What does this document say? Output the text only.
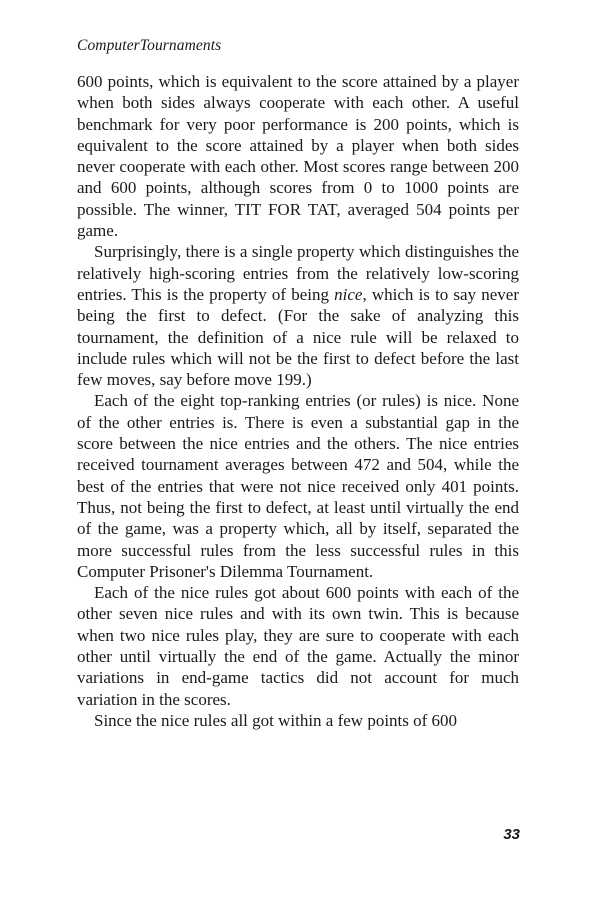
ComputerTournaments

600 points, which is equivalent to the score attained by a player when both sides always cooperate with each other. A useful benchmark for very poor performance is 200 points, which is equivalent to the score attained by a player when both sides never cooperate with each other. Most scores range between 200 and 600 points, although scores from 0 to 1000 points are possible. The winner, TIT FOR TAT, averaged 504 points per game.

Surprisingly, there is a single property which distinguishes the relatively high-scoring entries from the relatively low-scoring entries. This is the property of being nice, which is to say never being the first to defect. (For the sake of analyzing this tournament, the definition of a nice rule will be relaxed to include rules which will not be the first to defect before the last few moves, say before move 199.)

Each of the eight top-ranking entries (or rules) is nice. None of the other entries is. There is even a substantial gap in the score between the nice entries and the others. The nice entries received tournament averages between 472 and 504, while the best of the entries that were not nice received only 401 points. Thus, not being the first to defect, at least until virtually the end of the game, was a property which, all by itself, separated the more successful rules from the less successful rules in this Computer Prisoner's Dilemma Tournament.

Each of the nice rules got about 600 points with each of the other seven nice rules and with its own twin. This is because when two nice rules play, they are sure to cooperate with each other until virtually the end of the game. Actually the minor variations in end-game tactics did not account for much variation in the scores.

Since the nice rules all got within a few points of 600

33
